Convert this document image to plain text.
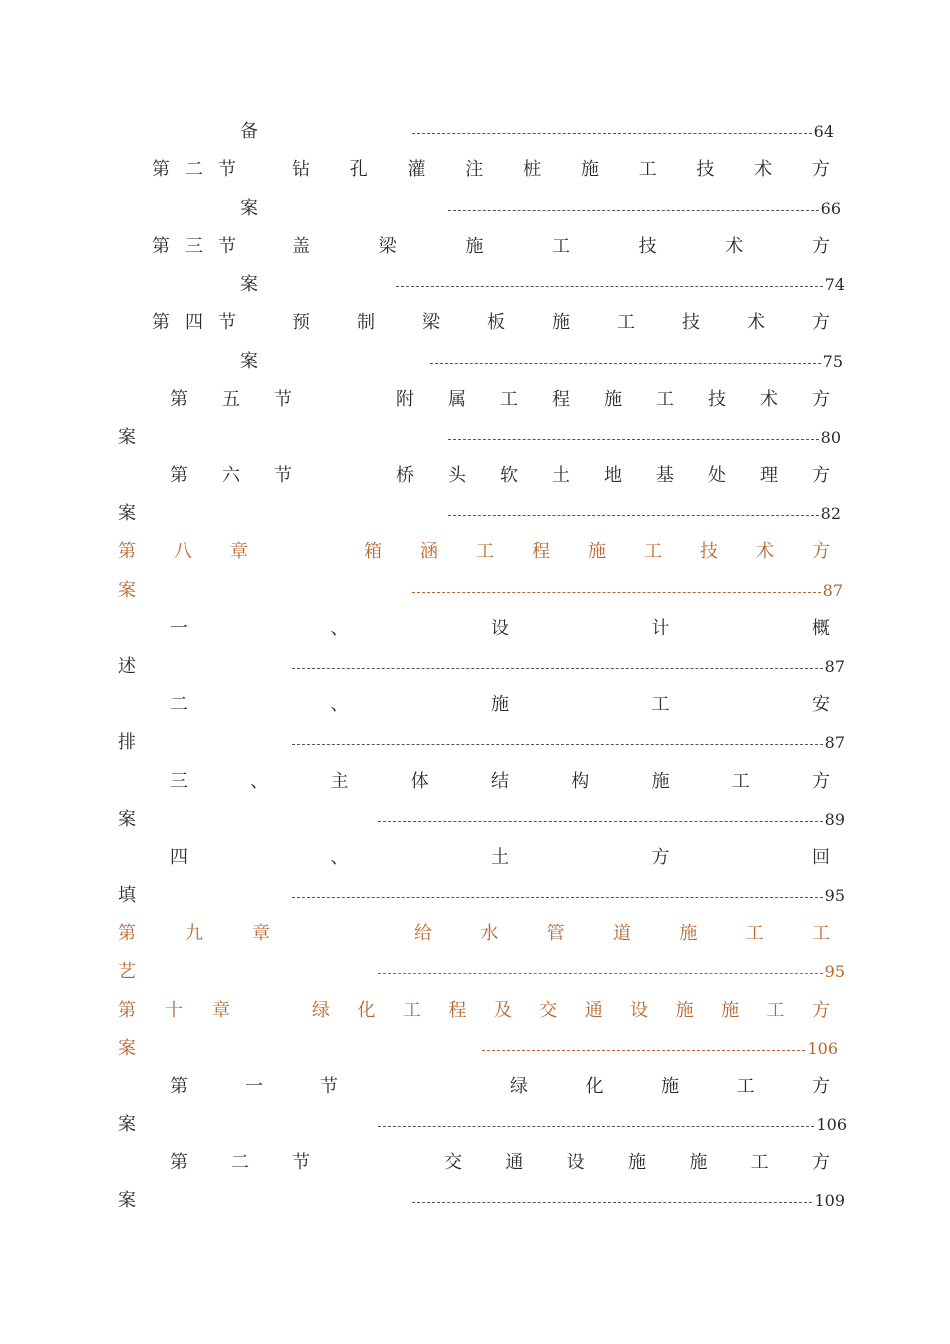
备	64
第 二 节	钻 孔 灌 注 桩 施 工 技 术 方
案	66
第 三 节	盖	梁	施	工	技	术	方
案	74
第 四 节	预	制	梁	板	施	工	技	术	方
案	75
第 五 节	附 属 工 程 施 工 技 术 方
案	80
第 六 节	桥 头 软 土 地 基 处 理 方
案	82
第 八 章	箱 涵 工 程 施 工 技 术 方
案	87
一	、	设	计	概
述	87
二	、	施	工	安
排	87
三	、	主	体	结	构	施	工	方
案	89
四	、	土	方	回
填	95
第	九	章	给	水	管	道	施	工	工
艺	95
第 十 章	绿 化 工 程 及 交 通 设 施 施 工 方
案	106
第	一	节	绿	化	施	工	方
案	106
第 二 节	交 通 设 施 施 工 方
案	109
